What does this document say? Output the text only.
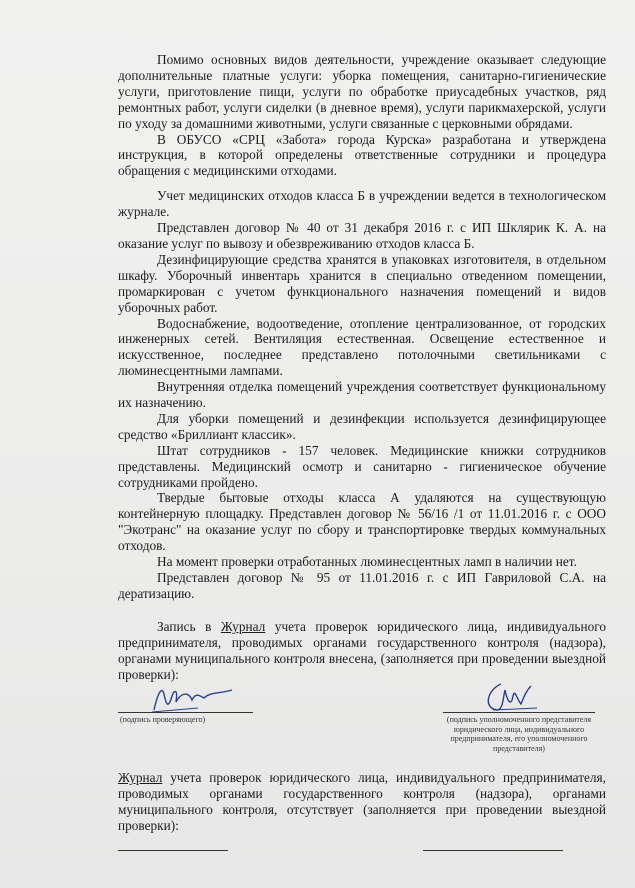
Помимо основных видов деятельности, учреждение оказывает следующие дополнительные платные услуги: уборка помещения, санитарно-гигиенические услуги, приготовление пищи, услуги по обработке приусадебных участков, ряд ремонтных работ, услуги сиделки (в дневное время), услуги парикмахерской, услуги по уходу за домашними животными, услуги связанные с церковными обрядами.

В ОБУСО «СРЦ «Забота» города Курска» разработана и утверждена инструкция, в которой определены ответственные сотрудники и процедура обращения с медицинскими отходами.

Учет медицинских отходов класса Б в учреждении ведется в технологическом журнале.

Представлен договор № 40 от 31 декабря 2016 г. с ИП Шклярик К. А. на оказание услуг по вывозу и обезвреживанию отходов класса Б.

Дезинфицирующие средства хранятся в упаковках изготовителя, в отдельном шкафу. Уборочный инвентарь хранится в специально отведенном помещении, промаркирован с учетом функционального назначения помещений и видов уборочных работ.

Водоснабжение, водоотведение, отопление централизованное, от городских инженерных сетей. Вентиляция естественная. Освещение естественное и искусственное, последнее представлено потолочными светильниками с люминесцентными лампами.

Внутренняя отделка помещений учреждения соответствует функциональному их назначению.

Для уборки помещений и дезинфекции используется дезинфицирующее средство «Бриллиант классик».

Штат сотрудников - 157 человек. Медицинские книжки сотрудников представлены. Медицинский осмотр и санитарно - гигиеническое обучение сотрудниками пройдено.

Твердые бытовые отходы класса А удаляются на существующую контейнерную площадку. Представлен договор № 56/16 /1 от 11.01.2016 г. с ООО "Экотранс" на оказание услуг по сбору и транспортировке твердых коммунальных отходов.

На момент проверки отработанных люминесцентных ламп в наличии нет.

Представлен договор № 95 от 11.01.2016 г. с ИП Гавриловой С.А. на дератизацию.

Запись в Журнал учета проверок юридического лица, индивидуального предпринимателя, проводимых органами государственного контроля (надзора), органами муниципального контроля внесена, (заполняется при проведении выездной проверки):

(подпись проверяющего)	(подпись уполномоченного представителя юридического лица, индивидуального предпринимателя, его уполномоченного представителя)

Журнал учета проверок юридического лица, индивидуального предпринимателя, проводимых органами государственного контроля (надзора), органами муниципального контроля, отсутствует (заполняется при проведении выездной проверки):
